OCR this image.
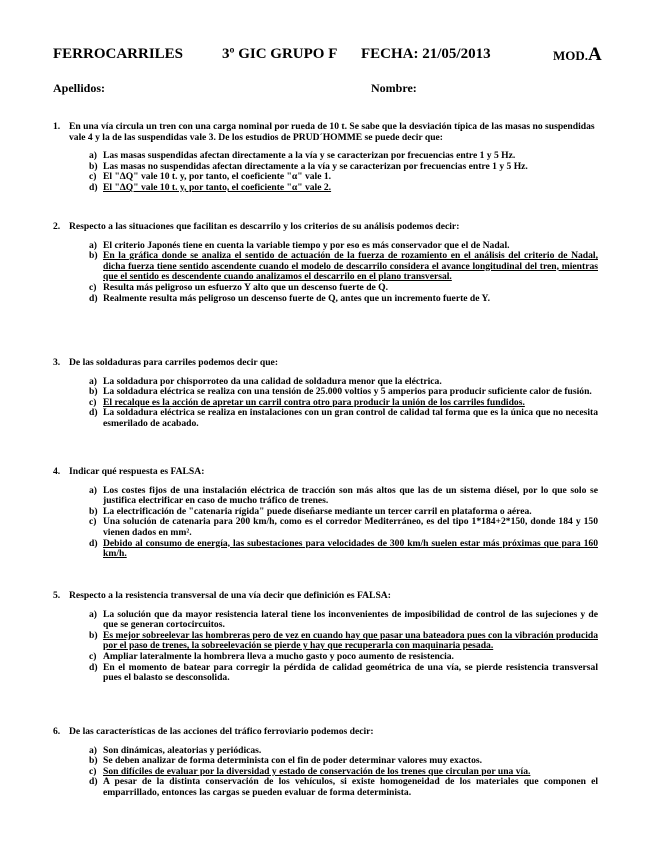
FERROCARRILES	3º GIC GRUPO F FECHA: 21/05/2013	MOD.A
Apellidos:	Nombre:
1. En una vía circula un tren con una carga nominal por rueda de 10 t. Se sabe que la desviación típica de las masas no suspendidas vale 4 y la de las suspendidas vale 3. De los estudios de PRUD´HOMME se puede decir que:
a) Las masas suspendidas afectan directamente a la vía y se caracterizan por frecuencias entre 1 y 5 Hz.
b) Las masas no suspendidas afectan directamente a la vía y se caracterizan por frecuencias entre 1 y 5 Hz.
c) El "ΔQ" vale 10 t. y, por tanto, el coeficiente "α" vale 1.
d) El "ΔQ" vale 10 t. y, por tanto, el coeficiente "α" vale 2.
2. Respecto a las situaciones que facilitan es descarrilo y los criterios de su análisis podemos decir:
a) El criterio Japonés tiene en cuenta la variable tiempo y por eso es más conservador que el de Nadal.
b) En la gráfica donde se analiza el sentido de actuación de la fuerza de rozamiento en el análisis del criterio de Nadal, dicha fuerza tiene sentido ascendente cuando el modelo de descarrilo considera el avance longitudinal del tren, mientras que el sentido es descendente cuando analizamos el descarrilo en el plano transversal.
c) Resulta más peligroso un esfuerzo Y alto que un descenso fuerte de Q.
d) Realmente resulta más peligroso un descenso fuerte de Q, antes que un incremento fuerte de Y.
3. De las soldaduras para carriles podemos decir que:
a) La soldadura por chisporroteo da una calidad de soldadura menor que la eléctrica.
b) La soldadura eléctrica se realiza con una tensión de 25.000 voltios y 5 amperios para producir suficiente calor de fusión.
c) El recalque es la acción de apretar un carril contra otro para producir la unión de los carriles fundidos.
d) La soldadura eléctrica se realiza en instalaciones con un gran control de calidad tal forma que es la única que no necesita esmerilado de acabado.
4. Indicar qué respuesta es FALSA:
a) Los costes fijos de una instalación eléctrica de tracción son más altos que las de un sistema diésel, por lo que solo se justifica electrificar en caso de mucho tráfico de trenes.
b) La electrificación de "catenaria rígida" puede diseñarse mediante un tercer carril en plataforma o aérea.
c) Una solución de catenaria para 200 km/h, como es el corredor Mediterráneo, es del tipo 1*184+2*150, donde 184 y 150 vienen dados en mm².
d) Debido al consumo de energía, las subestaciones para velocidades de 300 km/h suelen estar más próximas que para 160 km/h.
5. Respecto a la resistencia transversal de una vía decir que definición es FALSA:
a) La solución que da mayor resistencia lateral tiene los inconvenientes de imposibilidad de control de las sujeciones y de que se generan cortocircuitos.
b) Es mejor sobreelevar las hombreras pero de vez en cuando hay que pasar una bateadora pues con la vibración producida por el paso de trenes, la sobreelevación se pierde y hay que recuperarla con maquinaria pesada.
c) Ampliar lateralmente la hombrera lleva a mucho gasto y poco aumento de resistencia.
d) En el momento de batear para corregir la pérdida de calidad geométrica de una vía, se pierde resistencia transversal pues el balasto se desconsolida.
6. De las características de las acciones del tráfico ferroviario podemos decir:
a) Son dinámicas, aleatorias y periódicas.
b) Se deben analizar de forma determinista con el fin de poder determinar valores muy exactos.
c) Son difíciles de evaluar por la diversidad y estado de conservación de los trenes que circulan por una vía.
d) A pesar de la distinta conservación de los vehículos, si existe homogeneidad de los materiales que componen el emparrillado, entonces las cargas se pueden evaluar de forma determinista.
